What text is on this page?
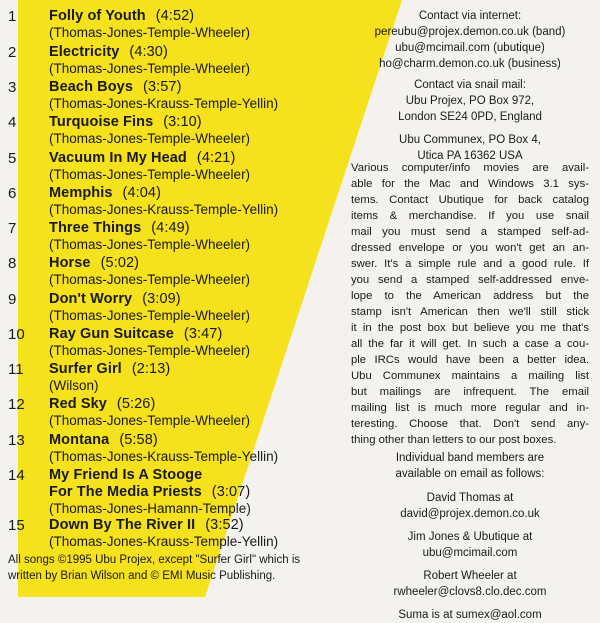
1	Folly of Youth (4:52)
(Thomas-Jones-Temple-Wheeler)
2	Electricity (4:30)
(Thomas-Jones-Temple-Wheeler)
3	Beach Boys (3:57)
(Thomas-Jones-Krauss-Temple-Yellin)
4	Turquoise Fins (3:10)
(Thomas-Jones-Temple-Wheeler)
5	Vacuum In My Head (4:21)
(Thomas-Jones-Temple-Wheeler)
6	Memphis (4:04)
(Thomas-Jones-Krauss-Temple-Yellin)
7	Three Things (4:49)
(Thomas-Jones-Temple-Wheeler)
8	Horse (5:02)
(Thomas-Jones-Temple-Wheeler)
9	Don't Worry (3:09)
(Thomas-Jones-Temple-Wheeler)
10	Ray Gun Suitcase (3:47)
(Thomas-Jones-Temple-Wheeler)
11	Surfer Girl (2:13)
(Wilson)
12	Red Sky (5:26)
(Thomas-Jones-Temple-Wheeler)
13	Montana (5:58)
(Thomas-Jones-Krauss-Temple-Yellin)
14	My Friend Is A Stooge
For The Media Priests (3:07)
(Thomas-Jones-Hamann-Temple)
15	Down By The River II (3:52)
(Thomas-Jones-Krauss-Temple-Yellin)
All songs ©1995 Ubu Projex, except "Surfer Girl" which is
written by Brian Wilson and © EMI Music Publishing.
Contact via internet:
pereubu@projex.demon.co.uk (band)
ubu@mcimail.com (ubutique)
ho@charm.demon.co.uk (business)
Contact via snail mail:
Ubu Projex, PO Box 972,
London SE24 0PD, England
Ubu Communex, PO Box 4,
Utica PA 16362 USA
Various computer/info movies are avail-
able for the Mac and Windows 3.1 sys-
tems. Contact Ubutique for back catalog
items & merchandise. If you use snail
mail you must send a stamped self-ad-
dressed envelope or you won't get an an-
swer. It's a simple rule and a good rule. If
you send a stamped self-addressed enve-
lope to the American address but the
stamp isn't American then we'll still stick
it in the post box but believe you me that's
all the far it will get. In such a case a cou-
ple IRCs would have been a better idea.
Ubu Communex maintains a mailing list
but mailings are infrequent. The email
mailing list is much more regular and in-
teresting. Choose that. Don't send any-
thing other than letters to our post boxes.
Individual band members are
available on email as follows:
David Thomas at
david@projex.demon.co.uk
Jim Jones & Ubutique at
ubu@mcimail.com
Robert Wheeler at
rwheeler@clovs8.clo.dec.com
Suma is at sumex@aol.com
